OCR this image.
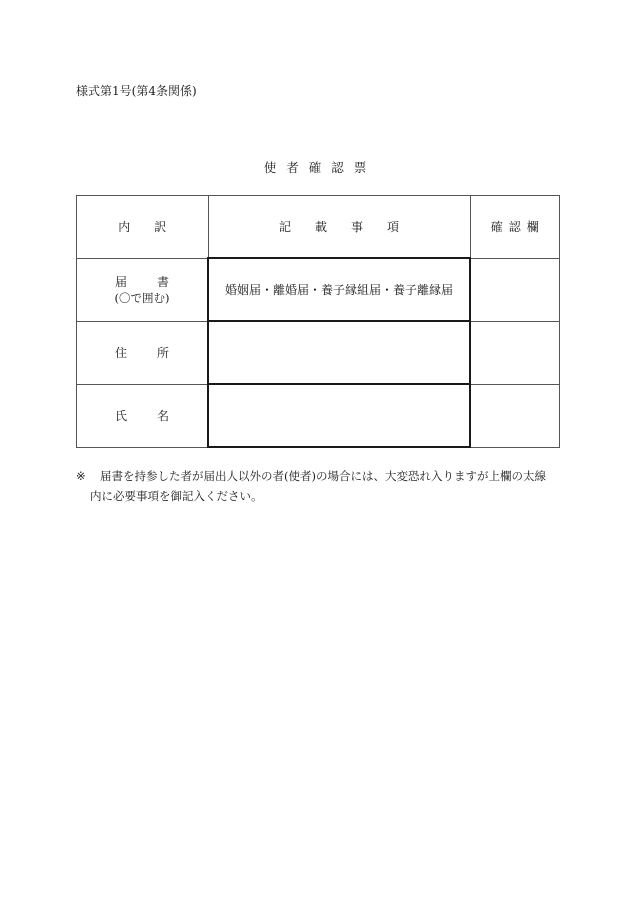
様式第1号(第4条関係)
使者確認票
内訳	記載事項	確認欄

届書
(〇で囲む)	婚姻届・離婚届・養子縁組届・養子離縁届	

住所		

氏名		

※	届書を持参した者が届出人以外の者(使者)の場合には、大変恐れ入りますが上欄の太線内に必要事項を御記入ください。
